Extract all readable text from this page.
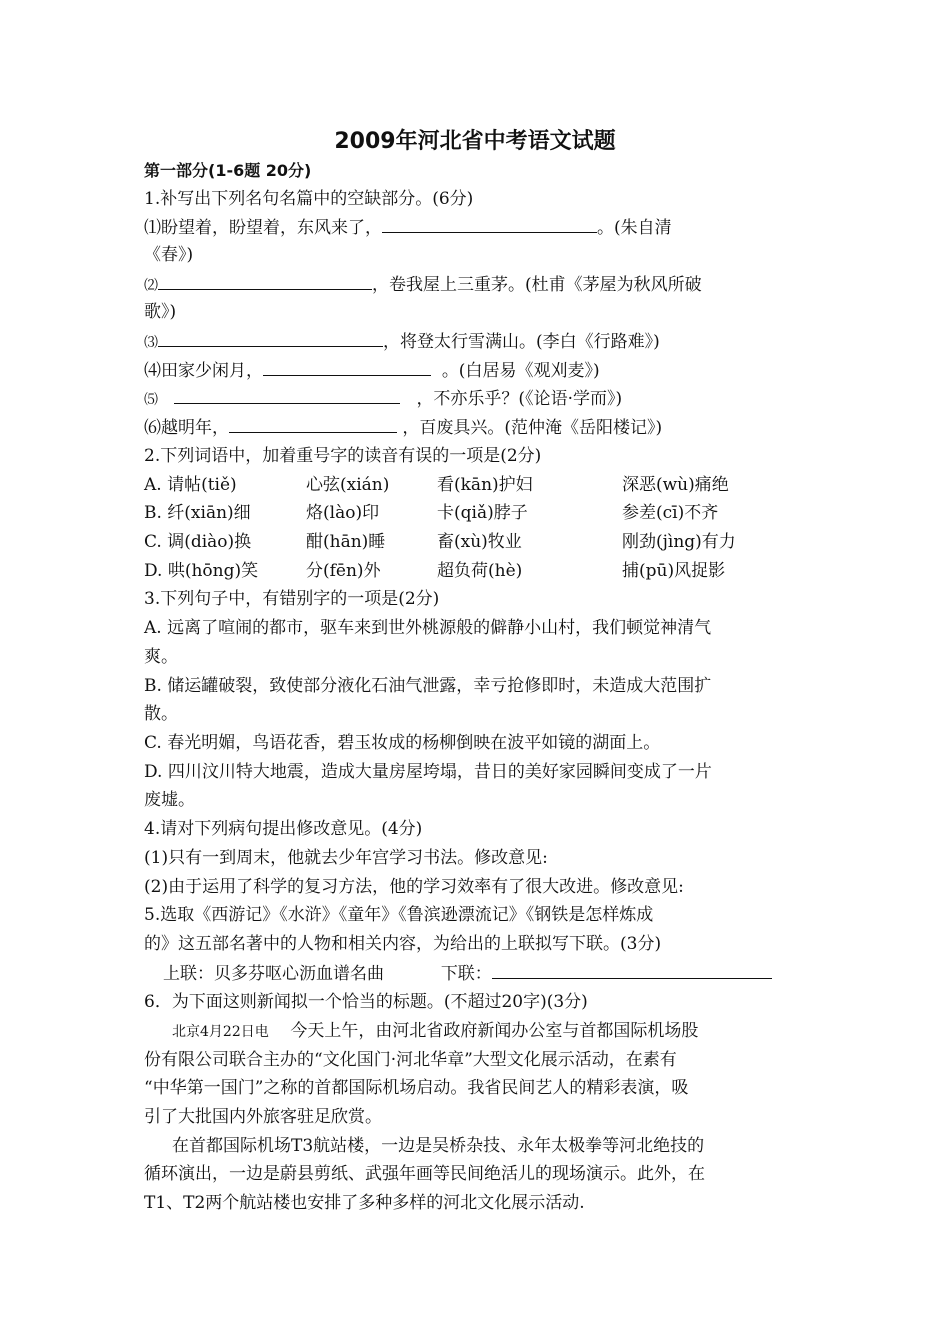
2009年河北省中考语文试题
第一部分(1-6题 20分)
1.补写出下列名句名篇中的空缺部分。(6分)
⑴盼望着，盼望着，东风来了，	。(朱自清
《春》)
⑵	，卷我屋上三重茅。(杜甫《茅屋为秋风所破
歌》)
⑶	，将登太行雪满山。(李白《行路难》)
⑷田家少闲月，	。(白居易《观刈麦》)
⑸	，不亦乐乎？(《论语·学而》)
⑹越明年，	，百废具兴。(范仲淹《岳阳楼记》)
2.下列词语中，加着重号字的读音有误的一项是(2分)
A. 请帖(tiě)	心弦(xián)	看(kān)护妇	深恶(wù)痛绝
B. 纤(xiān)细	烙(lào)印	卡(qiǎ)脖子	参差(cī)不齐
C. 调(diào)换	酣(hān)睡	畜(xù)牧业	刚劲(jìng)有力
D. 哄(hōng)笑	分(fēn)外	超负荷(hè)	捕(pū)风捉影
3.下列句子中，有错别字的一项是(2分)
A. 远离了喧闹的都市，驱车来到世外桃源般的僻静小山村，我们顿觉神清气
爽。
B. 储运罐破裂，致使部分液化石油气泄露，幸亏抢修即时，未造成大范围扩
散。
C. 春光明媚，鸟语花香，碧玉妆成的杨柳倒映在波平如镜的湖面上。
D. 四川汶川特大地震，造成大量房屋垮塌，昔日的美好家园瞬间变成了一片
废墟。
4.请对下列病句提出修改意见。(4分)
(1)只有一到周末，他就去少年宫学习书法。修改意见:
(2)由于运用了科学的复习方法，他的学习效率有了很大改进。修改意见:
5.选取《西游记》《水浒》《童年》《鲁滨逊漂流记》《钢铁是怎样炼成
的》这五部名著中的人物和相关内容，为给出的上联拟写下联。(3分)
上联：贝多芬呕心沥血谱名曲	下联：
6．为下面这则新闻拟一个恰当的标题。(不超过20字)(3分)
北京4月22日电 今天上午，由河北省政府新闻办公室与首都国际机场股
份有限公司联合主办的“文化国门·河北华章”大型文化展示活动，在素有
“中华第一国门”之称的首都国际机场启动。我省民间艺人的精彩表演，吸
引了大批国内外旅客驻足欣赏。
在首都国际机场T3航站楼，一边是吴桥杂技、永年太极拳等河北绝技的
循环演出，一边是蔚县剪纸、武强年画等民间绝活儿的现场演示。此外，在
T1、T2两个航站楼也安排了多种多样的河北文化展示活动.
